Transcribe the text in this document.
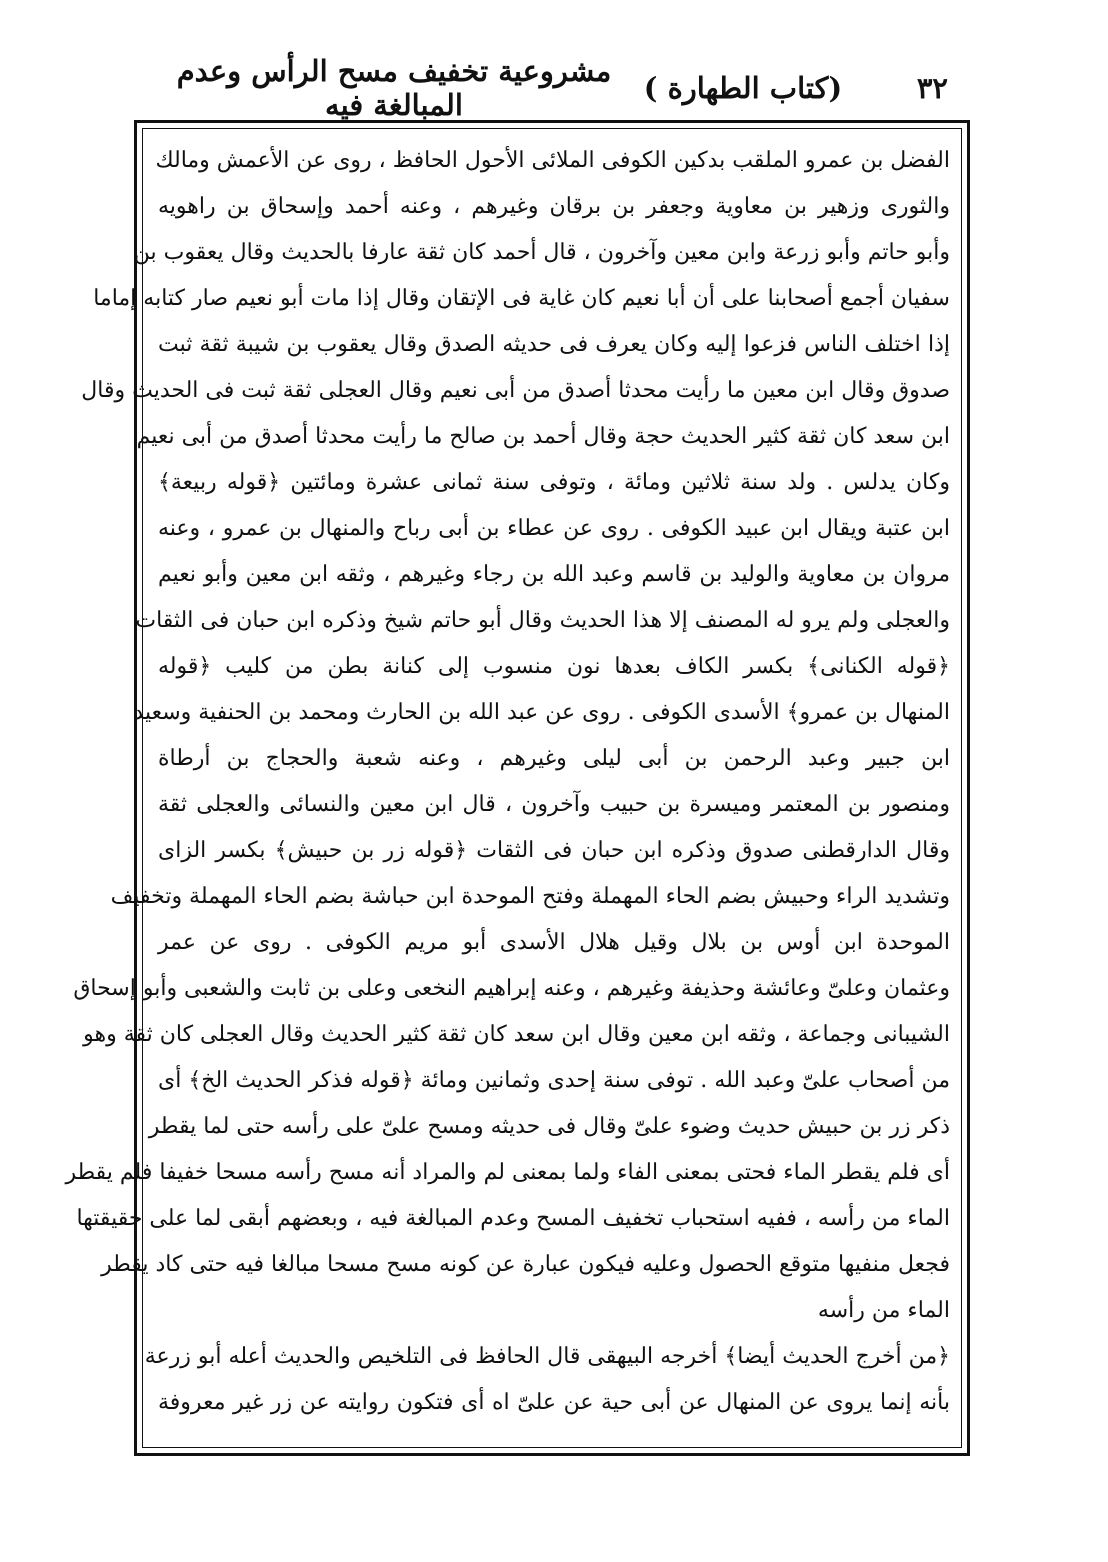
٣٢
(كتاب الطهارة )
مشروعية تخفيف مسح الرأس وعدم المبالغة فيه
الفضل بن عمرو الملقب بدكين الكوفى الملائى الأحول الحافظ ، روى عن الأعمش ومالك
والثورى وزهير بن معاوية وجعفر بن برقان وغيرهم ، وعنه أحمد وإسحاق بن راهويه
وأبو حاتم وأبو زرعة وابن معين وآخرون ، قال أحمد كان ثقة عارفا بالحديث وقال يعقوب بن
سفيان أجمع أصحابنا على أن أبا نعيم كان غاية فى الإتقان وقال إذا مات أبو نعيم صار كتابه إماما
إذا اختلف الناس فزعوا إليه وكان يعرف فى حديثه الصدق وقال يعقوب بن شيبة ثقة ثبت
صدوق وقال ابن معين ما رأيت محدثا أصدق من أبى نعيم وقال العجلى ثقة ثبت فى الحديث وقال
ابن سعد كان ثقة كثير الحديث حجة وقال أحمد بن صالح ما رأيت محدثا أصدق من أبى نعيم
وكان يدلس . ولد سنة ثلاثين ومائة ، وتوفى سنة ثمانى عشرة ومائتين ﴿قوله ربيعة﴾
ابن عتبة ويقال ابن عبيد الكوفى . روى عن عطاء بن أبى رباح والمنهال بن عمرو ، وعنه
مروان بن معاوية والوليد بن قاسم وعبد الله بن رجاء وغيرهم ، وثقه ابن معين وأبو نعيم
والعجلى ولم يرو له المصنف إلا هذا الحديث وقال أبو حاتم شيخ وذكره ابن حبان فى الثقات
﴿قوله الكنانى﴾ بكسر الكاف بعدها نون منسوب إلى كنانة بطن من كليب ﴿قوله
المنهال بن عمرو﴾ الأسدى الكوفى . روى عن عبد الله بن الحارث ومحمد بن الحنفية وسعيد
ابن جبير وعبد الرحمن بن أبى ليلى وغيرهم ، وعنه شعبة والحجاج بن أرطاة
ومنصور بن المعتمر وميسرة بن حبيب وآخرون ، قال ابن معين والنسائى والعجلى ثقة
وقال الدارقطنى صدوق وذكره ابن حبان فى الثقات ﴿قوله زر بن حبيش﴾ بكسر الزاى
وتشديد الراء وحبيش بضم الحاء المهملة وفتح الموحدة ابن حباشة بضم الحاء المهملة وتخفيف
الموحدة ابن أوس بن بلال وقيل هلال الأسدى أبو مريم الكوفى . روى عن عمر
وعثمان وعلىّ وعائشة وحذيفة وغيرهم ، وعنه إبراهيم النخعى وعلى بن ثابت والشعبى وأبو إسحاق
الشيبانى وجماعة ، وثقه ابن معين وقال ابن سعد كان ثقة كثير الحديث وقال العجلى كان ثقة وهو
من أصحاب علىّ وعبد الله . توفى سنة إحدى وثمانين ومائة ﴿قوله فذكر الحديث الخ﴾ أى
ذكر زر بن حبيش حديث وضوء علىّ وقال فى حديثه ومسح علىّ على رأسه حتى لما يقطر
أى فلم يقطر الماء فحتى بمعنى الفاء ولما بمعنى لم والمراد أنه مسح رأسه مسحا خفيفا فلم يقطر
الماء من رأسه ، ففيه استحباب تخفيف المسح وعدم المبالغة فيه ، وبعضهم أبقى لما على حقيقتها
فجعل منفيها متوقع الحصول وعليه فيكون عبارة عن كونه مسح مسحا مبالغا فيه حتى كاد يقطر
الماء من رأسه
﴿من أخرج الحديث أيضا﴾ أخرجه البيهقى قال الحافظ فى التلخيص والحديث أعله أبو زرعة
بأنه إنما يروى عن المنهال عن أبى حية عن علىّ اه أى فتكون روايته عن زر غير معروفة
